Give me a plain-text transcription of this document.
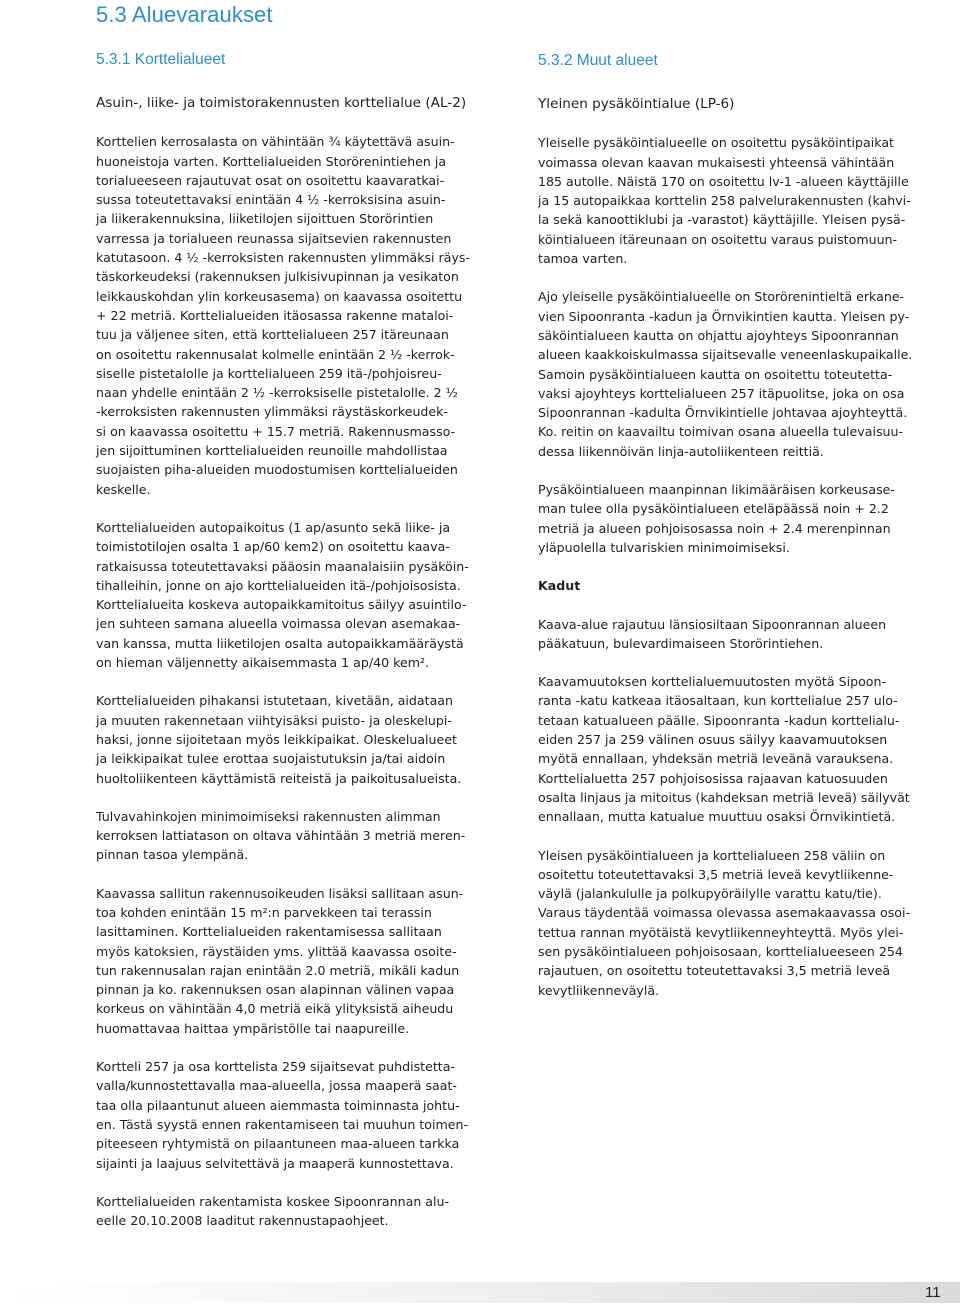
5.3 Aluevaraukset
5.3.1 Korttelialueet	5.3.2 Muut alueet

Asuin-, liike- ja toimistorakennusten korttelialue (AL-2)

Korttelien kerrosalasta on vähintään ¾ käytettävä asuin-
huoneistoja varten. Korttelialueiden Storörenintiehen ja
torialueeseen rajautuvat osat on osoitettu kaavaratkai-
sussa toteutettavaksi enintään 4 ½ -kerroksisina asuin-
ja liikerakennuksina, liiketilojen sijoittuen Storörintien
varressa ja torialueen reunassa sijaitsevien rakennusten
katutasoon. 4 ½ -kerroksisten rakennusten ylimmäksi räys-
täskorkeudeksi (rakennuksen julkisivupinnan ja vesikaton
leikkauskohdan ylin korkeusasema) on kaavassa osoitettu
+ 22 metriä. Korttelialueiden itäosassa rakenne mataloi-
tuu ja väljenee siten, että korttelialueen 257 itäreunaan
on osoitettu rakennusalat kolmelle enintään 2 ½ -kerrok-
siselle pistetalolle ja korttelialueen 259 itä-/pohjoisreu-
naan yhdelle enintään 2 ½ -kerroksiselle pistetalolle. 2 ½
-kerroksisten rakennusten ylimmäksi räystäskorkeudek-
si on kaavassa osoitettu + 15.7 metriä. Rakennusmasso-
jen sijoittuminen korttelialueiden reunoille mahdollistaa
suojaisten piha-alueiden muodostumisen korttelialueiden
keskelle.

Korttelialueiden autopaikoitus (1 ap/asunto sekä liike- ja
toimistotilojen osalta 1 ap/60 kem2) on osoitettu kaava-
ratkaisussa toteutettavaksi pääosin maanalaisiin pysäköin-
tihalleihin, jonne on ajo korttelialueiden itä-/pohjoisosista.
Korttelialueita koskeva autopaikkamitoitus säilyy asuintilo-
jen suhteen samana alueella voimassa olevan asemakaa-
van kanssa, mutta liiketilojen osalta autopaikkamääräystä
on hieman väljennetty aikaisemmasta 1 ap/40 kem².

Korttelialueiden pihakansi istutetaan, kivetään, aidataan
ja muuten rakennetaan viihtyisäksi puisto- ja oleskelupi-
haksi, jonne sijoitetaan myös leikkipaikat. Oleskelualueet
ja leikkipaikat tulee erottaa suojaistutuksin ja/tai aidoin
huoltoliikenteen käyttämistä reiteistä ja paikoitusalueista.

Tulvavahinkojen minimoimiseksi rakennusten alimman
kerroksen lattiatason on oltava vähintään 3 metriä meren-
pinnan tasoa ylempänä.

Kaavassa sallitun rakennusoikeuden lisäksi sallitaan asun-
toa kohden enintään 15 m²:n parvekkeen tai terassin
lasittaminen. Korttelialueiden rakentamisessa sallitaan
myös katoksien, räystäiden yms. ylittää kaavassa osoite-
tun rakennusalan rajan enintään 2.0 metriä, mikäli kadun
pinnan ja ko. rakennuksen osan alapinnan välinen vapaa
korkeus on vähintään 4,0 metriä eikä ylityksistä aiheudu
huomattavaa haittaa ympäristölle tai naapureille.

Kortteli 257 ja osa korttelista 259 sijaitsevat puhdistetta-
valla/kunnostettavalla maa-alueella, jossa maaperä saat-
taa olla pilaantunut alueen aiemmasta toiminnasta johtu-
en. Tästä syystä ennen rakentamiseen tai muuhun toimen-
piteeseen ryhtymistä on pilaantuneen maa-alueen tarkka
sijainti ja laajuus selvitettävä ja maaperä kunnostettava.

Korttelialueiden rakentamista koskee Sipoonrannan alu-
eelle 20.10.2008 laaditut rakennustapaohjeet.

Yleinen pysäköintialue (LP-6)

Yleiselle pysäköintialueelle on osoitettu pysäköintipaikat
voimassa olevan kaavan mukaisesti yhteensä vähintään
185 autolle. Näistä 170 on osoitettu lv-1 -alueen käyttäjille
ja 15 autopaikkaa korttelin 258 palvelurakennusten (kahvi-
la sekä kanoottiklubi ja -varastot) käyttäjille. Yleisen pysä-
köintialueen itäreunaan on osoitettu varaus puistomuun-
tamoa varten.

Ajo yleiselle pysäköintialueelle on Storörenintieltä erkane-
vien Sipoonranta -kadun ja Örnvikintien kautta. Yleisen py-
säköintialueen kautta on ohjattu ajoyhteys Sipoonrannan
alueen kaakkoiskulmassa sijaitsevalle veneenlaskupaikalle.
Samoin pysäköintialueen kautta on osoitettu toteutetta-
vaksi ajoyhteys korttelialueen 257 itäpuolitse, joka on osa
Sipoonrannan -kadulta Örnvikintielle johtavaa ajoyhteyttä.
Ko. reitin on kaavailtu toimivan osana alueella tulevaisuu-
dessa liikennöivän linja-autoliikenteen reittiä.

Pysäköintialueen maanpinnan likimääräisen korkeusase-
man tulee olla pysäköintialueen eteläpäässä noin + 2.2
metriä ja alueen pohjoisosassa noin + 2.4 merenpinnan
yläpuolella tulvariskien minimoimiseksi.

Kadut

Kaava-alue rajautuu länsiosiltaan Sipoonrannan alueen
pääkatuun, bulevardimaiseen Storörintiehen.

Kaavamuutoksen korttelialuemuutosten myötä Sipoon-
ranta -katu katkeaa itäosaltaan, kun korttelialue 257 ulo-
tetaan katualueen päälle. Sipoonranta -kadun korttelialu-
eiden 257 ja 259 välinen osuus säilyy kaavamuutoksen
myötä ennallaan, yhdeksän metriä leveänä varauksena.
Korttelialuetta 257 pohjoisosissa rajaavan katuosuuden
osalta linjaus ja mitoitus (kahdeksan metriä leveä) säilyvät
ennallaan, mutta katualue muuttuu osaksi Örnvikintietä.

Yleisen pysäköintialueen ja korttelialueen 258 väliin on
osoitettu toteutettavaksi 3,5 metriä leveä kevytliikenne-
väylä (jalankululle ja polkupyöräilylle varattu katu/tie).
Varaus täydentää voimassa olevassa asemakaavassa osoi-
tettua rannan myötäistä kevytliikenneyhteyttä. Myös ylei-
sen pysäköintialueen pohjoisosaan, korttelialueeseen 254
rajautuen, on osoitettu toteutettavaksi 3,5 metriä leveä
kevytliikenneväylä.

11
